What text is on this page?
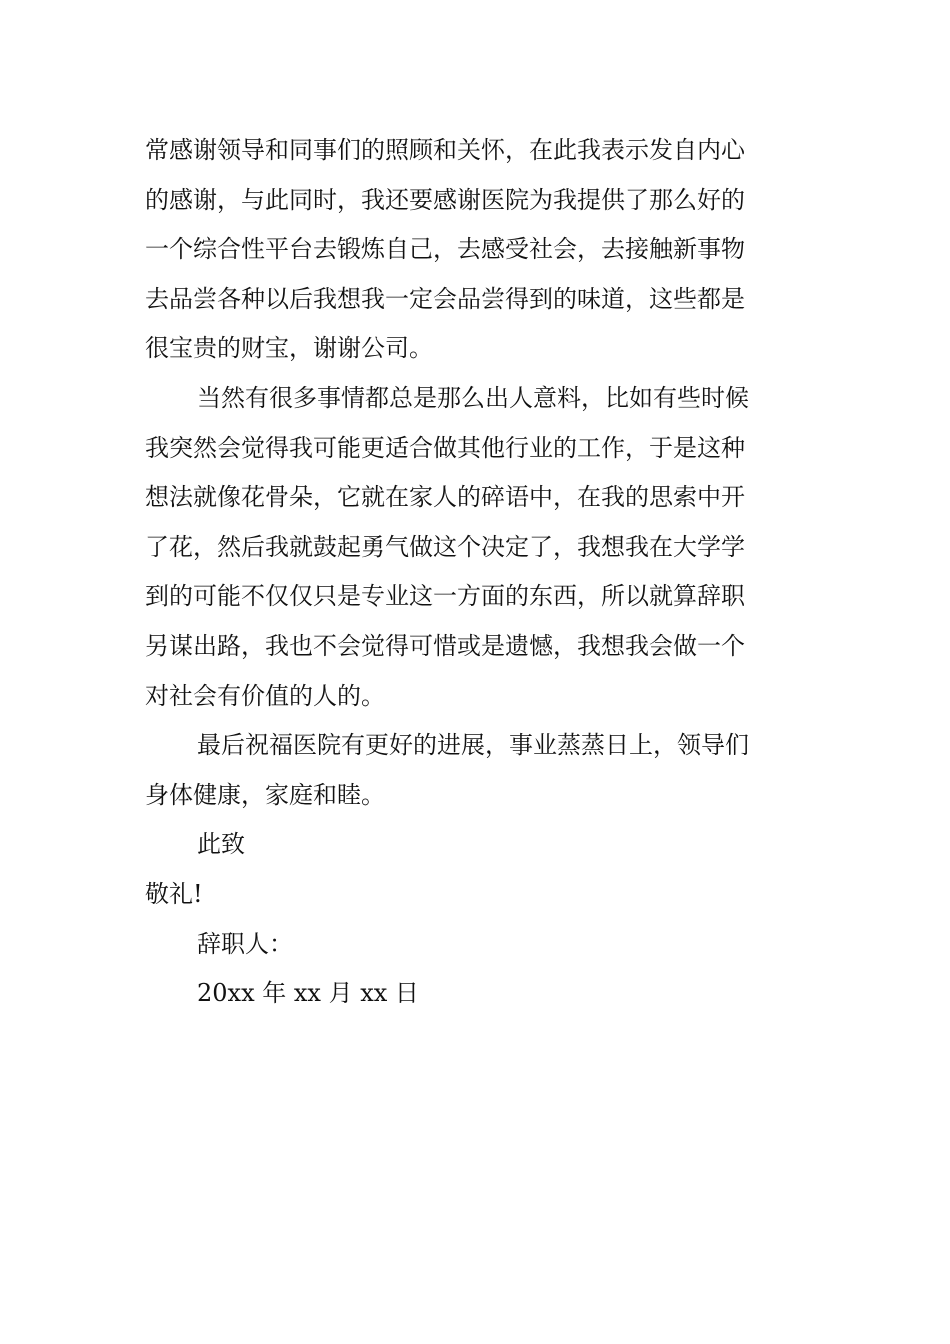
常感谢领导和同事们的照顾和关怀，在此我表示发自内心
的感谢，与此同时，我还要感谢医院为我提供了那么好的
一个综合性平台去锻炼自己，去感受社会，去接触新事物
去品尝各种以后我想我一定会品尝得到的味道，这些都是
很宝贵的财宝，谢谢公司。
当然有很多事情都总是那么出人意料，比如有些时候
我突然会觉得我可能更适合做其他行业的工作，于是这种
想法就像花骨朵，它就在家人的碎语中，在我的思索中开
了花，然后我就鼓起勇气做这个决定了，我想我在大学学
到的可能不仅仅只是专业这一方面的东西，所以就算辞职
另谋出路，我也不会觉得可惜或是遗憾，我想我会做一个
对社会有价值的人的。
最后祝福医院有更好的进展，事业蒸蒸日上，领导们
身体健康，家庭和睦。
此致
敬礼!
辞职人：
20xx 年 xx 月 xx 日
